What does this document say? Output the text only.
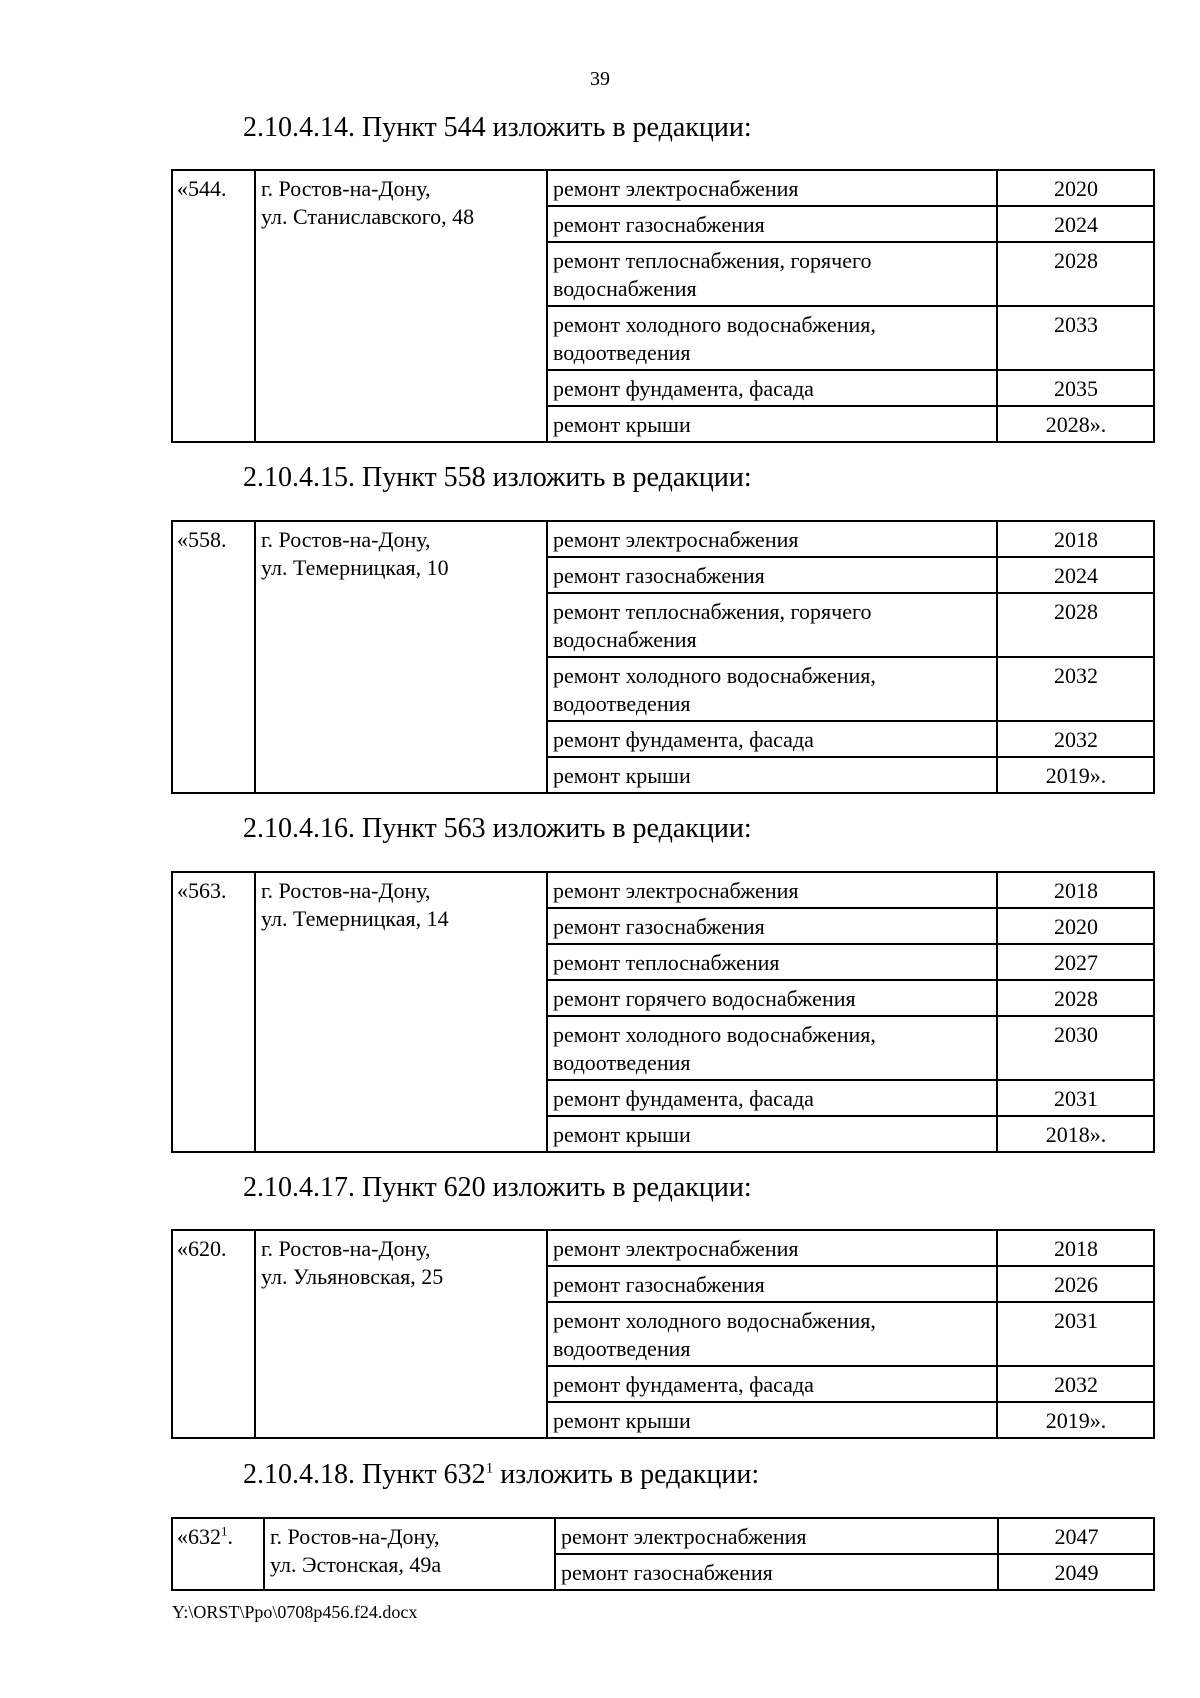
39
2.10.4.14. Пункт 544 изложить в редакции:
«544.	г. Ростов-на-Дону,
ул. Станиславского, 48	ремонт электроснабжения	2020
		ремонт газоснабжения	2024
		ремонт теплоснабжения, горячего водоснабжения	2028
		ремонт холодного водоснабжения, водоотведения	2033
		ремонт фундамента, фасада	2035
		ремонт крыши	2028».
2.10.4.15. Пункт 558 изложить в редакции:
«558.	г. Ростов-на-Дону,
ул. Темерницкая, 10	ремонт электроснабжения	2018
		ремонт газоснабжения	2024
		ремонт теплоснабжения, горячего водоснабжения	2028
		ремонт холодного водоснабжения, водоотведения	2032
		ремонт фундамента, фасада	2032
		ремонт крыши	2019».
2.10.4.16. Пункт 563 изложить в редакции:
«563.	г. Ростов-на-Дону,
ул. Темерницкая, 14	ремонт электроснабжения	2018
		ремонт газоснабжения	2020
		ремонт теплоснабжения	2027
		ремонт горячего водоснабжения	2028
		ремонт холодного водоснабжения, водоотведения	2030
		ремонт фундамента, фасада	2031
		ремонт крыши	2018».
2.10.4.17. Пункт 620 изложить в редакции:
«620.	г. Ростов-на-Дону,
ул. Ульяновская, 25	ремонт электроснабжения	2018
		ремонт газоснабжения	2026
		ремонт холодного водоснабжения, водоотведения	2031
		ремонт фундамента, фасада	2032
		ремонт крыши	2019».
2.10.4.18. Пункт $632^1$ изложить в редакции:
«$632^1$.	г. Ростов-на-Дону,
ул. Эстонская, 49а	ремонт электроснабжения	2047
		ремонт газоснабжения	2049
Y:\ORST\Ppo\0708p456.f24.docx
